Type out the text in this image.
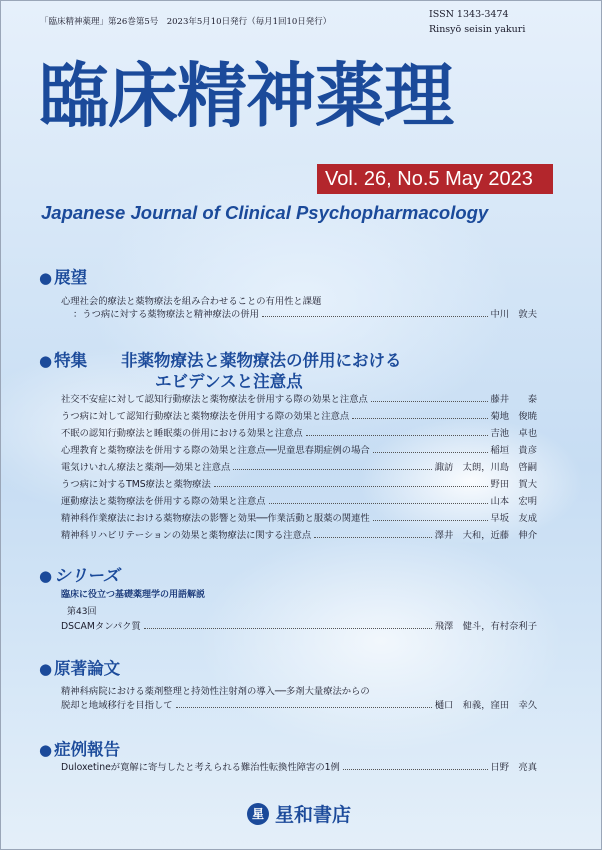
「臨床精神薬理」第26巻第5号　2023年5月10日発行（毎月1回10日発行）
ISSN 1343-3474
Rinsyō seisin yakuri
臨床精神薬理
Vol. 26, No.5 May 2023
Japanese Journal of Clinical Psychopharmacology
● 展望
心理社会的療法と薬物療法を組み合わせることの有用性と課題
：うつ病に対する薬物療法と精神療法の併用	中川　敦夫
● 特集 非薬物療法と薬物療法の併用における
エビデンスと注意点
社交不安症に対して認知行動療法と薬物療法を併用する際の効果と注意点	藤井　　泰
うつ病に対して認知行動療法と薬物療法を併用する際の効果と注意点	菊地　俊暁
不眠の認知行動療法と睡眠薬の併用における効果と注意点	吉池　卓也
心理教育と薬物療法を併用する際の効果と注意点──児童思春期症例の場合	稲垣　貴彦
電気けいれん療法と薬剤──効果と注意点	諏訪　太朗，川島　啓嗣
うつ病に対するTMS療法と薬物療法	野田　賀大
運動療法と薬物療法を併用する際の効果と注意点	山本　宏明
精神科作業療法における薬物療法の影響と効果──作業活動と服薬の関連性	早坂　友成
精神科リハビリテーションの効果と薬物療法に関する注意点	澤井　大和，近藤　伸介
● シリーズ
臨床に役立つ基礎薬理学の用語解説
第43回
DSCAMタンパク質	飛澤　健斗，有村奈利子
● 原著論文
精神科病院における薬剤整理と持効性注射剤の導入──多剤大量療法からの
脱却と地域移行を目指して	樋口　和義，窪田　幸久
● 症例報告
Duloxetineが寛解に寄与したと考えられる難治性転換性障害の1例	日野　亮真
星 星和書店
